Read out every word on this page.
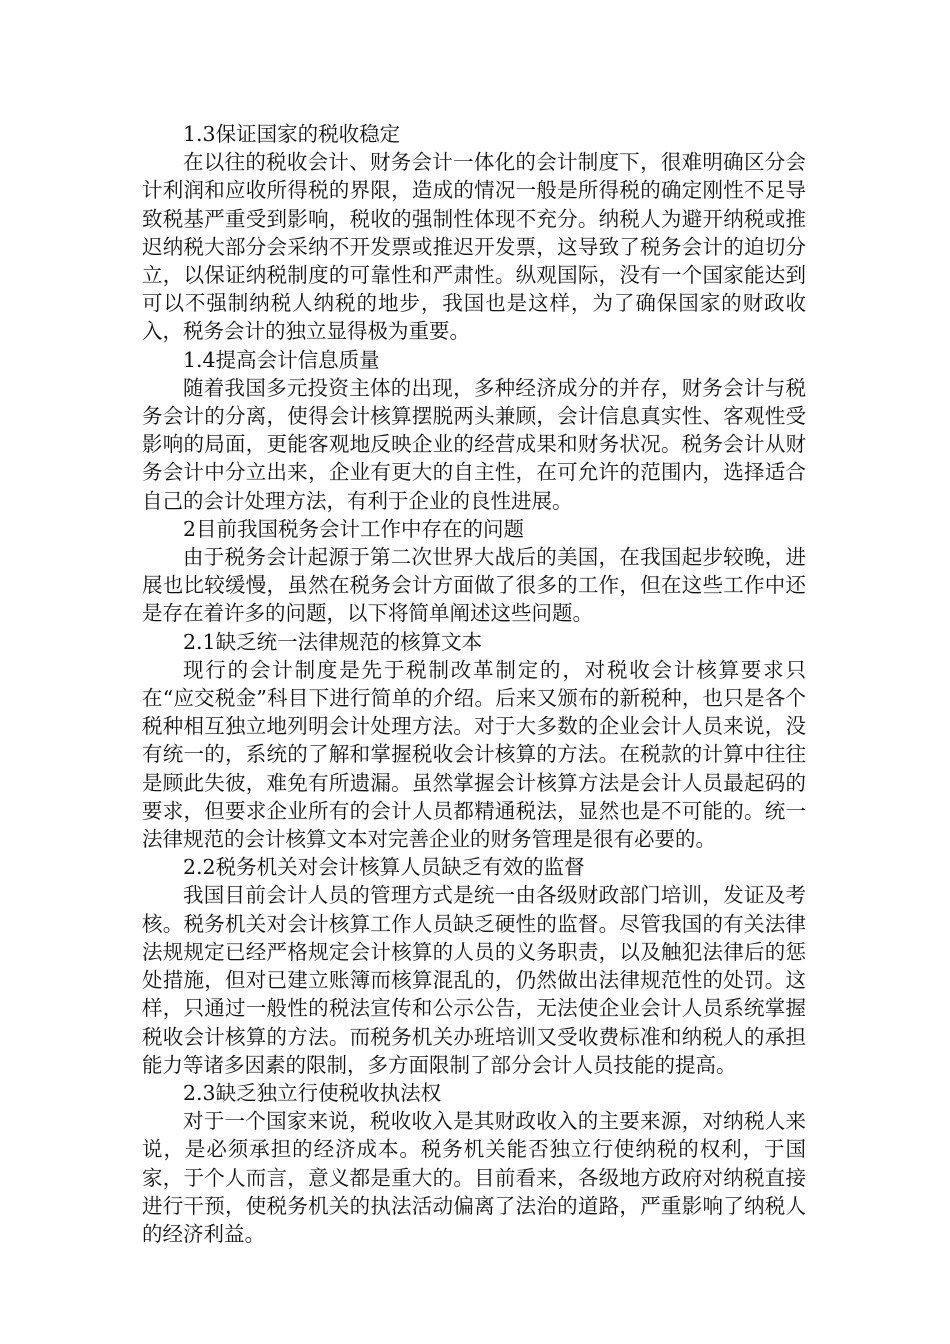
1.3保证国家的税收稳定

在以往的税收会计、财务会计一体化的会计制度下，很难明确区分会计利润和应收所得税的界限，造成的情况一般是所得税的确定刚性不足导致税基严重受到影响，税收的强制性体现不充分。纳税人为避开纳税或推迟纳税大部分会采纳不开发票或推迟开发票，这导致了税务会计的迫切分立，以保证纳税制度的可靠性和严肃性。纵观国际，没有一个国家能达到可以不强制纳税人纳税的地步，我国也是这样，为了确保国家的财政收入，税务会计的独立显得极为重要。

1.4提高会计信息质量

随着我国多元投资主体的出现，多种经济成分的并存，财务会计与税务会计的分离，使得会计核算摆脱两头兼顾，会计信息真实性、客观性受影响的局面，更能客观地反映企业的经营成果和财务状况。税务会计从财务会计中分立出来，企业有更大的自主性，在可允许的范围内，选择适合自己的会计处理方法，有利于企业的良性进展。

2目前我国税务会计工作中存在的问题

由于税务会计起源于第二次世界大战后的美国，在我国起步较晚，进展也比较缓慢，虽然在税务会计方面做了很多的工作，但在这些工作中还是存在着许多的问题，以下将简单阐述这些问题。

2.1缺乏统一法律规范的核算文本

现行的会计制度是先于税制改革制定的，对税收会计核算要求只在“应交税金”科目下进行简单的介绍。后来又颁布的新税种，也只是各个税种相互独立地列明会计处理方法。对于大多数的企业会计人员来说，没有统一的，系统的了解和掌握税收会计核算的方法。在税款的计算中往往是顾此失彼，难免有所遗漏。虽然掌握会计核算方法是会计人员最起码的要求，但要求企业所有的会计人员都精通税法，显然也是不可能的。统一法律规范的会计核算文本对完善企业的财务管理是很有必要的。

2.2税务机关对会计核算人员缺乏有效的监督

我国目前会计人员的管理方式是统一由各级财政部门培训，发证及考核。税务机关对会计核算工作人员缺乏硬性的监督。尽管我国的有关法律法规规定已经严格规定会计核算的人员的义务职责，以及触犯法律后的惩处措施，但对已建立账簿而核算混乱的，仍然做出法律规范性的处罚。这样，只通过一般性的税法宣传和公示公告，无法使企业会计人员系统掌握税收会计核算的方法。而税务机关办班培训又受收费标准和纳税人的承担能力等诸多因素的限制，多方面限制了部分会计人员技能的提高。

2.3缺乏独立行使税收执法权

对于一个国家来说，税收收入是其财政收入的主要来源，对纳税人来说，是必须承担的经济成本。税务机关能否独立行使纳税的权利，于国家，于个人而言，意义都是重大的。目前看来，各级地方政府对纳税直接进行干预，使税务机关的执法活动偏离了法治的道路，严重影响了纳税人的经济利益。
